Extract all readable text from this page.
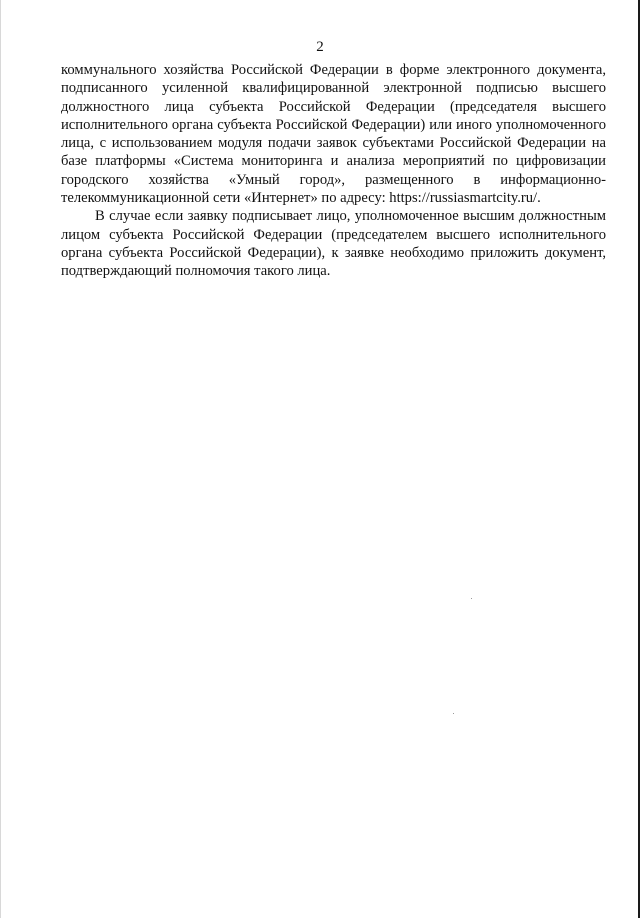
2

коммунального хозяйства Российской Федерации в форме электронного документа, подписанного усиленной квалифицированной электронной подписью высшего должностного лица субъекта Российской Федерации (председателя высшего исполнительного органа субъекта Российской Федерации) или иного уполномоченного лица, с использованием модуля подачи заявок субъектами Российской Федерации на базе платформы «Система мониторинга и анализа мероприятий по цифровизации городского хозяйства «Умный город», размещенного в информационно-телекоммуникационной сети «Интернет» по адресу: https://russiasmartcity.ru/.

В случае если заявку подписывает лицо, уполномоченное высшим должностным лицом субъекта Российской Федерации (председателем высшего исполнительного органа субъекта Российской Федерации), к заявке необходимо приложить документ, подтверждающий полномочия такого лица.
